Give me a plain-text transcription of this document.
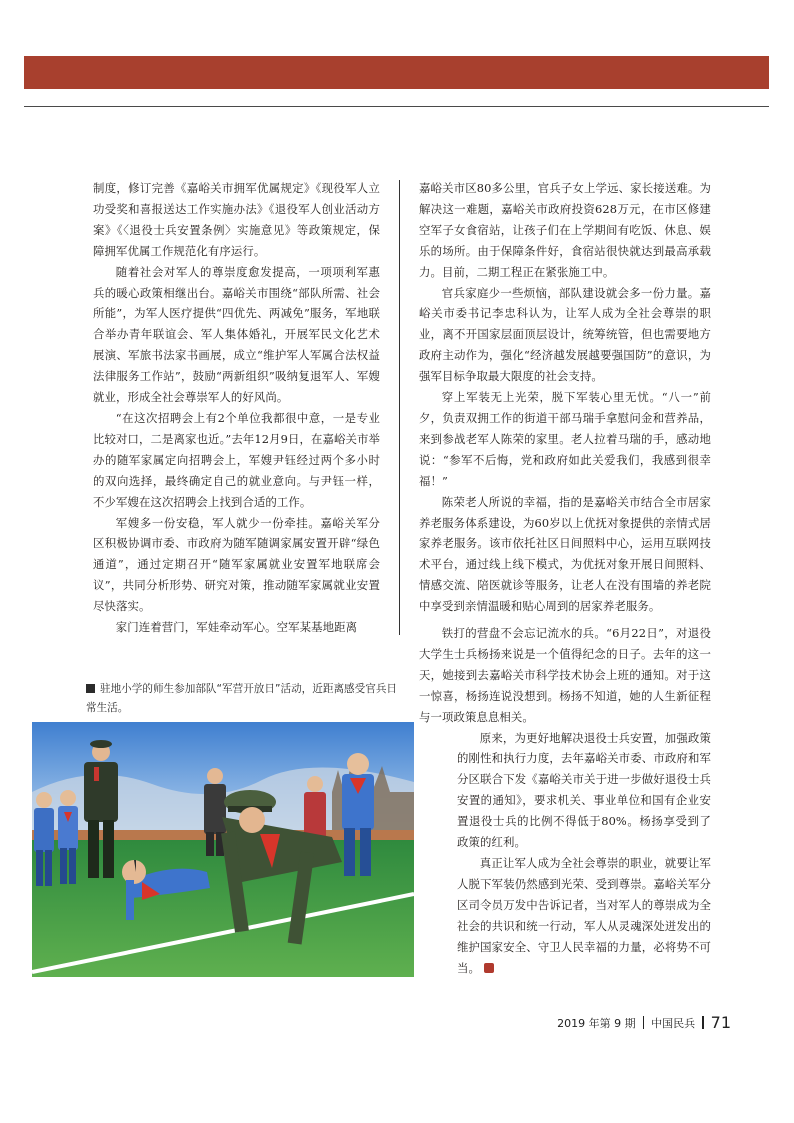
制度，修订完善《嘉峪关市拥军优属规定》《现役军人立功受奖和喜报送达工作实施办法》《退役军人创业活动方案》《〈退役士兵安置条例〉实施意见》等政策规定，保障拥军优属工作规范化有序运行。

随着社会对军人的尊崇度愈发提高，一项项利军惠兵的暖心政策相继出台。嘉峪关市围绕“部队所需、社会所能”，为军人医疗提供“四优先、两减免”服务，军地联合举办青年联谊会、军人集体婚礼，开展军民文化艺术展演、军旅书法家书画展，成立“维护军人军属合法权益法律服务工作站”，鼓励“两新组织”吸纳复退军人、军嫂就业，形成全社会尊崇军人的好风尚。

“在这次招聘会上有2个单位我都很中意，一是专业比较对口，二是离家也近。”去年12月9日，在嘉峪关市举办的随军家属定向招聘会上，军嫂尹钰经过两个多小时的双向选择，最终确定自己的就业意向。与尹钰一样，不少军嫂在这次招聘会上找到合适的工作。

军嫂多一份安稳，军人就少一份牵挂。嘉峪关军分区积极协调市委、市政府为随军随调家属安置开辟“绿色通道”，通过定期召开“随军家属就业安置军地联席会议”，共同分析形势、研究对策，推动随军家属就业安置尽快落实。

家门连着营门，军娃牵动军心。空军某基地距离

嘉峪关市区80多公里，官兵子女上学远、家长接送难。为解决这一难题，嘉峪关市政府投资628万元，在市区修建空军子女食宿站，让孩子们在上学期间有吃饭、休息、娱乐的场所。由于保障条件好，食宿站很快就达到最高承载力。目前，二期工程正在紧张施工中。

官兵家庭少一些烦恼，部队建设就会多一份力量。嘉峪关市委书记李忠科认为，让军人成为全社会尊崇的职业，离不开国家层面顶层设计，统筹统管，但也需要地方政府主动作为，强化“经济越发展越要强国防”的意识，为强军目标争取最大限度的社会支持。

穿上军装无上光荣，脱下军装心里无忧。“八一”前夕，负责双拥工作的街道干部马瑞手拿慰问金和营养品，来到参战老军人陈荣的家里。老人拉着马瑞的手，感动地说：“参军不后悔，党和政府如此关爱我们，我感到很幸福！”

陈荣老人所说的幸福，指的是嘉峪关市结合全市居家养老服务体系建设，为60岁以上优抚对象提供的亲情式居家养老服务。该市依托社区日间照料中心，运用互联网技术平台，通过线上线下模式，为优抚对象开展日间照料、情感交流、陪医就诊等服务，让老人在没有围墙的养老院中享受到亲情温暖和贴心周到的居家养老服务。

铁打的营盘不会忘记流水的兵。“6月22日”，对退役大学生士兵杨扬来说是一个值得纪念的日子。去年的这一天，她接到去嘉峪关市科学技术协会上班的通知。对于这一惊喜，杨扬连说没想到。杨扬不知道，她的人生新征程与一项政策息息相关。

原来，为更好地解决退役士兵安置，加强政策的刚性和执行力度，去年嘉峪关市委、市政府和军分区联合下发《嘉峪关市关于进一步做好退役士兵安置的通知》，要求机关、事业单位和国有企业安置退役士兵的比例不得低于80%。杨扬享受到了政策的红利。

真正让军人成为全社会尊崇的职业，就要让军人脱下军装仍然感到光荣、受到尊崇。嘉峪关军分区司令员万发中告诉记者，当对军人的尊崇成为全社会的共识和统一行动，军人从灵魂深处迸发出的维护国家安全、守卫人民幸福的力量，必将势不可当。

驻地小学的师生参加部队“军营开放日”活动，近距离感受官兵日常生活。
2019 年第 9 期 中国民兵 71
